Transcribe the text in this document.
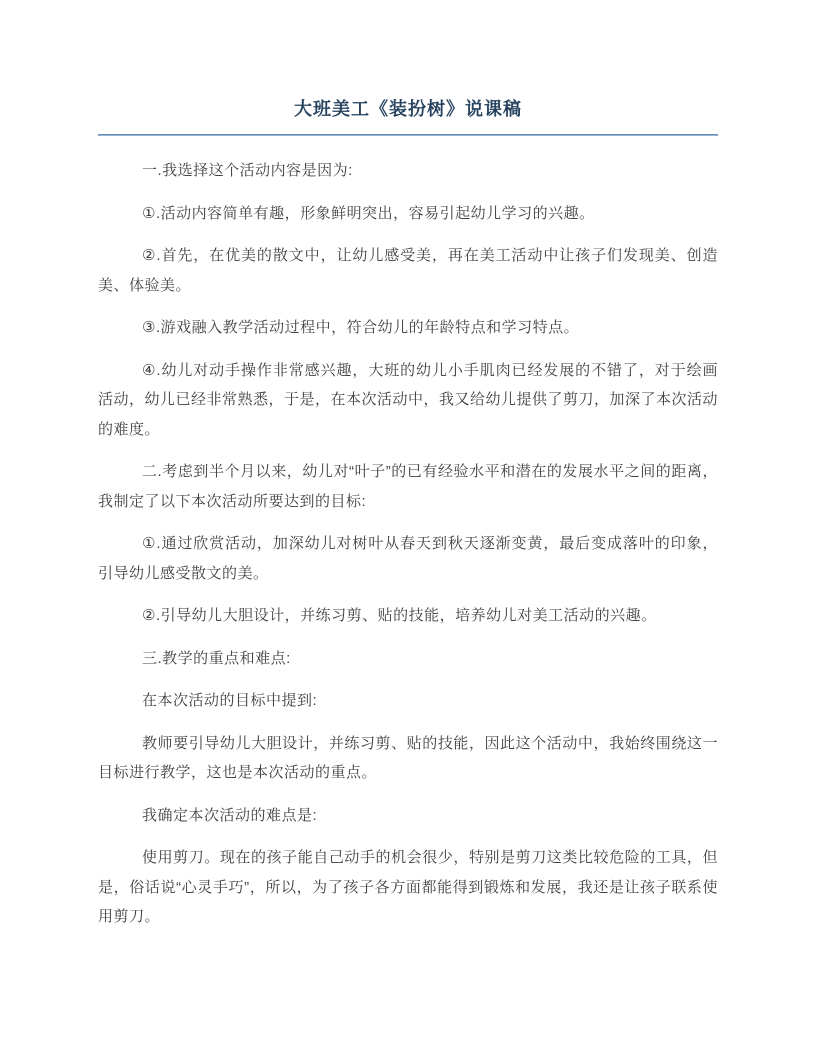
大班美工《装扮树》说课稿

一.我选择这个活动内容是因为:

①.活动内容简单有趣，形象鲜明突出，容易引起幼儿学习的兴趣。

②.首先，在优美的散文中，让幼儿感受美，再在美工活动中让孩子们发现美、创造美、体验美。

③.游戏融入教学活动过程中，符合幼儿的年龄特点和学习特点。

④.幼儿对动手操作非常感兴趣，大班的幼儿小手肌肉已经发展的不错了，对于绘画活动，幼儿已经非常熟悉，于是，在本次活动中，我又给幼儿提供了剪刀，加深了本次活动的难度。

二.考虑到半个月以来，幼儿对“叶子”的已有经验水平和潜在的发展水平之间的距离，我制定了以下本次活动所要达到的目标:

①.通过欣赏活动，加深幼儿对树叶从春天到秋天逐渐变黄，最后变成落叶的印象，引导幼儿感受散文的美。

②.引导幼儿大胆设计，并练习剪、贴的技能，培养幼儿对美工活动的兴趣。

三.教学的重点和难点:

在本次活动的目标中提到:

教师要引导幼儿大胆设计，并练习剪、贴的技能，因此这个活动中，我始终围绕这一目标进行教学，这也是本次活动的重点。

我确定本次活动的难点是:

使用剪刀。现在的孩子能自己动手的机会很少，特别是剪刀这类比较危险的工具，但是，俗话说“心灵手巧”，所以，为了孩子各方面都能得到锻炼和发展，我还是让孩子联系使用剪刀。
